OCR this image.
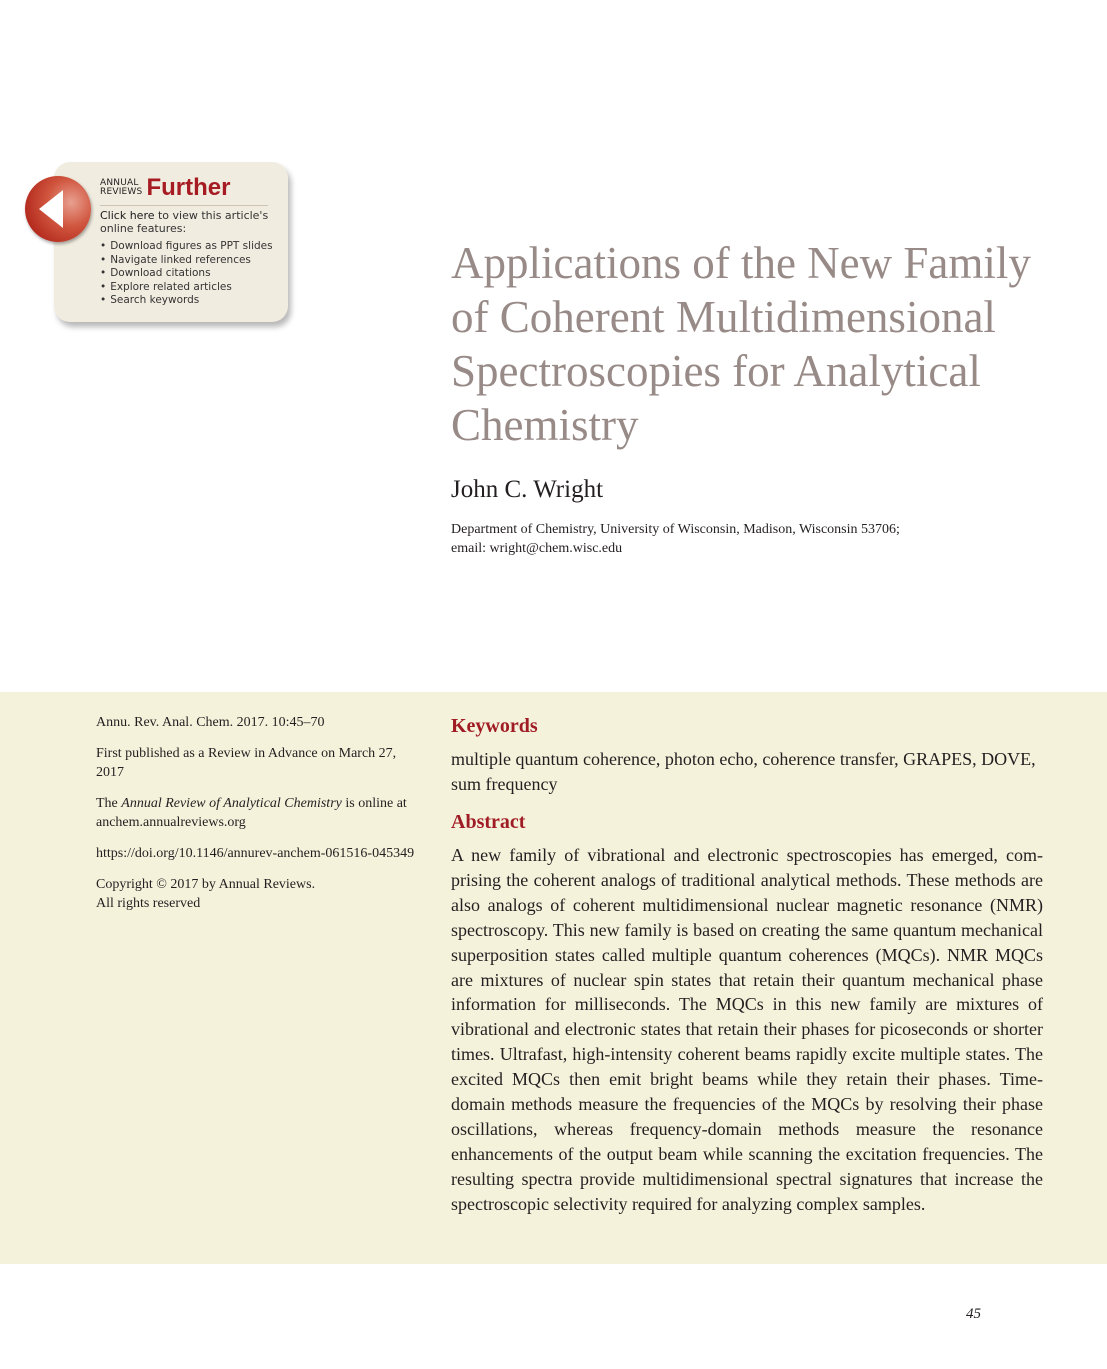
ANNUAL
REVIEWS Further
Click here to view this article's online features:
• Download figures as PPT slides
• Navigate linked references
• Download citations
• Explore related articles
• Search keywords
Applications of the New Family of Coherent Multidimensional Spectroscopies for Analytical Chemistry
John C. Wright
Department of Chemistry, University of Wisconsin, Madison, Wisconsin 53706;
email: wright@chem.wisc.edu

Annu. Rev. Anal. Chem. 2017. 10:45–70

First published as a Review in Advance on March 27, 2017

The Annual Review of Analytical Chemistry is online at anchem.annualreviews.org

https://doi.org/10.1146/annurev-anchem-061516-045349

Copyright © 2017 by Annual Reviews.
All rights reserved

Keywords

multiple quantum coherence, photon echo, coherence transfer, GRAPES, DOVE, sum frequency

Abstract

A new family of vibrational and electronic spectroscopies has emerged, comprising the coherent analogs of traditional analytical methods. These methods are also analogs of coherent multidimensional nuclear magnetic resonance (NMR) spectroscopy. This new family is based on creating the same quantum mechanical superposition states called multiple quantum coherences (MQCs). NMR MQCs are mixtures of nuclear spin states that retain their quantum mechanical phase information for milliseconds. The MQCs in this new family are mixtures of vibrational and electronic states that retain their phases for picoseconds or shorter times. Ultrafast, high-intensity coherent beams rapidly excite multiple states. The excited MQCs then emit bright beams while they retain their phases. Time-domain methods measure the frequencies of the MQCs by resolving their phase oscillations, whereas frequency-domain methods measure the resonance enhancements of the output beam while scanning the excitation frequencies. The resulting spectra provide multidimensional spectral signatures that increase the spectroscopic selectivity required for analyzing complex samples.

45
